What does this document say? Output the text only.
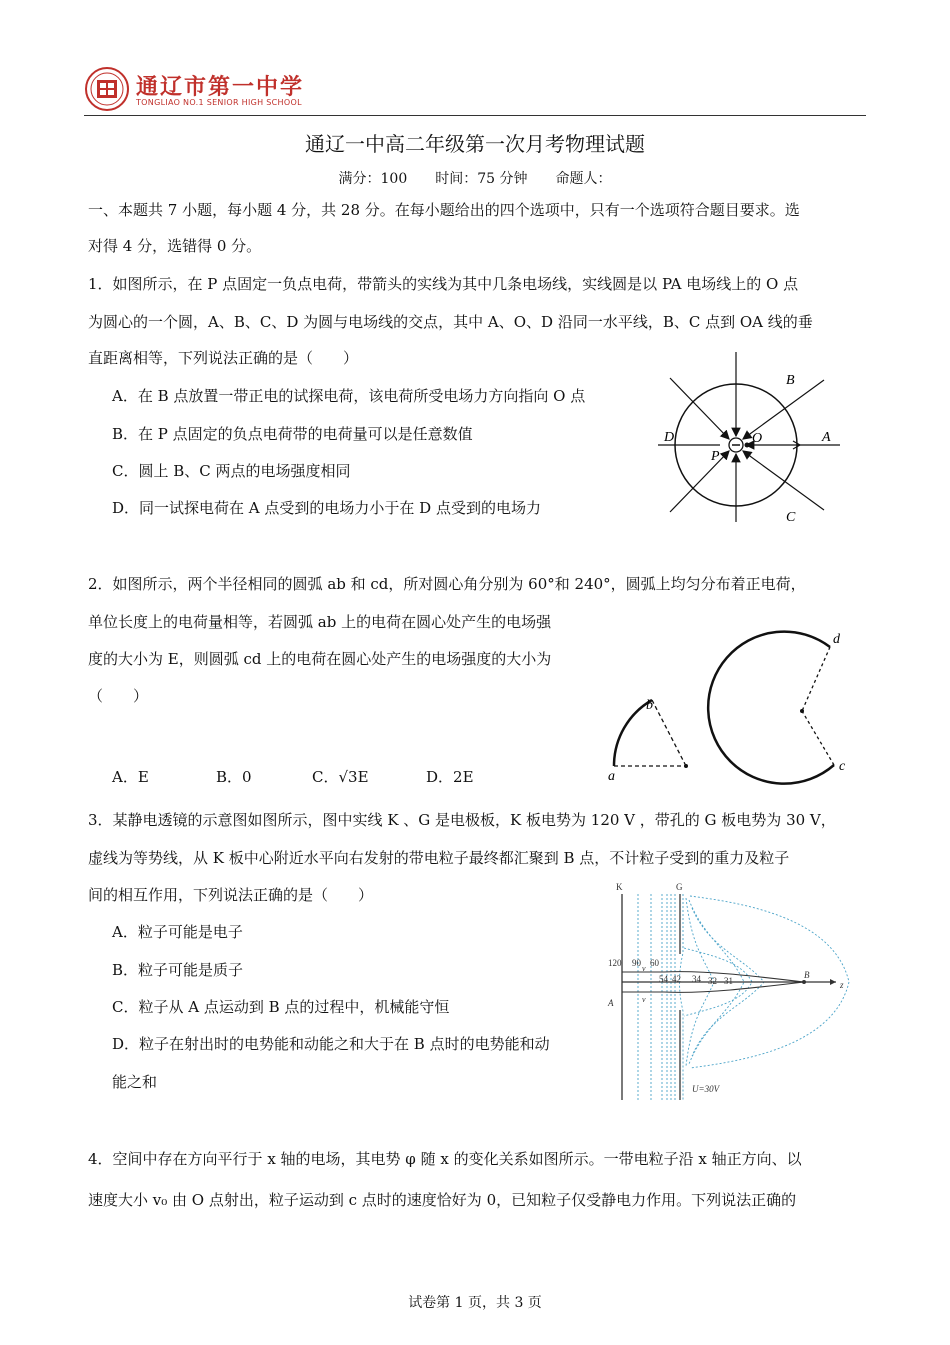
通辽市第一中学
TONGLIAO NO.1 SENIOR HIGH SCHOOL
通辽一中高二年级第一次月考物理试题
满分：100　　时间：75 分钟　　命题人：
一、本题共 7 小题，每小题 4 分，共 28 分。在每小题给出的四个选项中，只有一个选项符合题目要求。选
对得 4 分，选错得 0 分。
1．如图所示，在 P 点固定一负点电荷，带箭头的实线为其中几条电场线，实线圆是以 PA 电场线上的 O 点
为圆心的一个圆，A、B、C、D 为圆与电场线的交点，其中 A、O、D 沿同一水平线，B、C 点到 OA 线的垂
直距离相等，下列说法正确的是（　　）
A．在 B 点放置一带正电的试探电荷，该电荷所受电场力方向指向 O 点
B．在 P 点固定的负点电荷带的电荷量可以是任意数值
C．圆上 B、C 两点的电场强度相同
D．同一试探电荷在 A 点受到的电场力小于在 D 点受到的电场力
B
C
D	A
O
P
2．如图所示，两个半径相同的圆弧 ab 和 cd，所对圆心角分别为 60°和 240°，圆弧上均匀分布着正电荷，
单位长度上的电荷量相等，若圆弧 ab 上的电荷在圆心处产生的电场强
度的大小为 E，则圆弧 cd 上的电荷在圆心处产生的电场强度的大小为
（　　）
A．E	B．0	C．√3E	D．2E	a
b
c
d
3．某静电透镜的示意图如图所示，图中实线 K 、G 是电极板，K 板电势为 120 V ，带孔的 G 板电势为 30 V，
虚线为等势线，从 K 板中心附近水平向右发射的带电粒子最终都汇聚到 B 点，不计粒子受到的重力及粒子
间的相互作用，下列说法正确的是（　　）
A．粒子可能是电子
B．粒子可能是质子
C．粒子从 A 点运动到 B 点的过程中，机械能守恒
D．粒子在射出时的电势能和动能之和大于在 B 点时的电势能和动
能之和
K	G
120 90 60
54 42 34 32 31
v
v
A
B
z
U=30V
4．空间中存在方向平行于 x 轴的电场，其电势 φ 随 x 的变化关系如图所示。一带电粒子沿 x 轴正方向、以
速度大小 v₀ 由 O 点射出，粒子运动到 c 点时的速度恰好为 0，已知粒子仅受静电力作用。下列说法正确的
试卷第 1 页，共 3 页
